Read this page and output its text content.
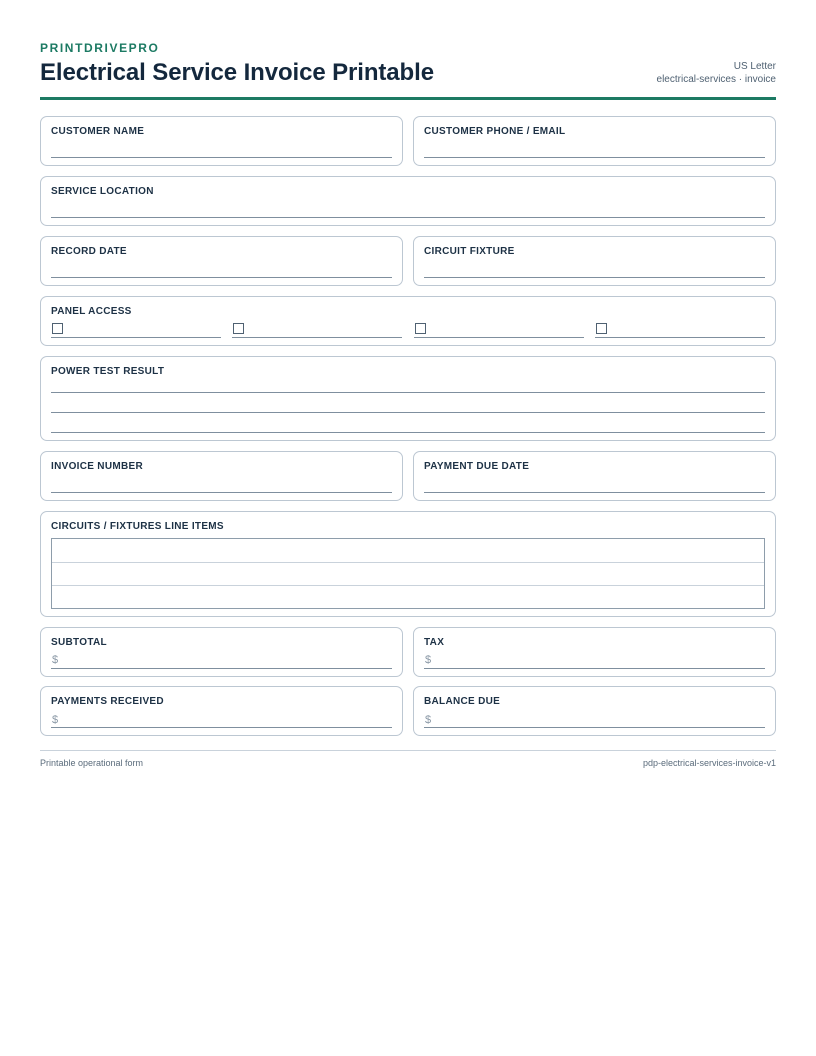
PRINTDRIVEPRO
Electrical Service Invoice Printable	US Letter
electrical-services · invoice
CUSTOMER NAME	CUSTOMER PHONE / EMAIL
SERVICE LOCATION
RECORD DATE	CIRCUIT FIXTURE
PANEL ACCESS
POWER TEST RESULT
INVOICE NUMBER	PAYMENT DUE DATE
CIRCUITS / FIXTURES LINE ITEMS
SUBTOTAL
$
TAX
$
PAYMENTS RECEIVED
$
BALANCE DUE
$
Printable operational form	pdp-electrical-services-invoice-v1
